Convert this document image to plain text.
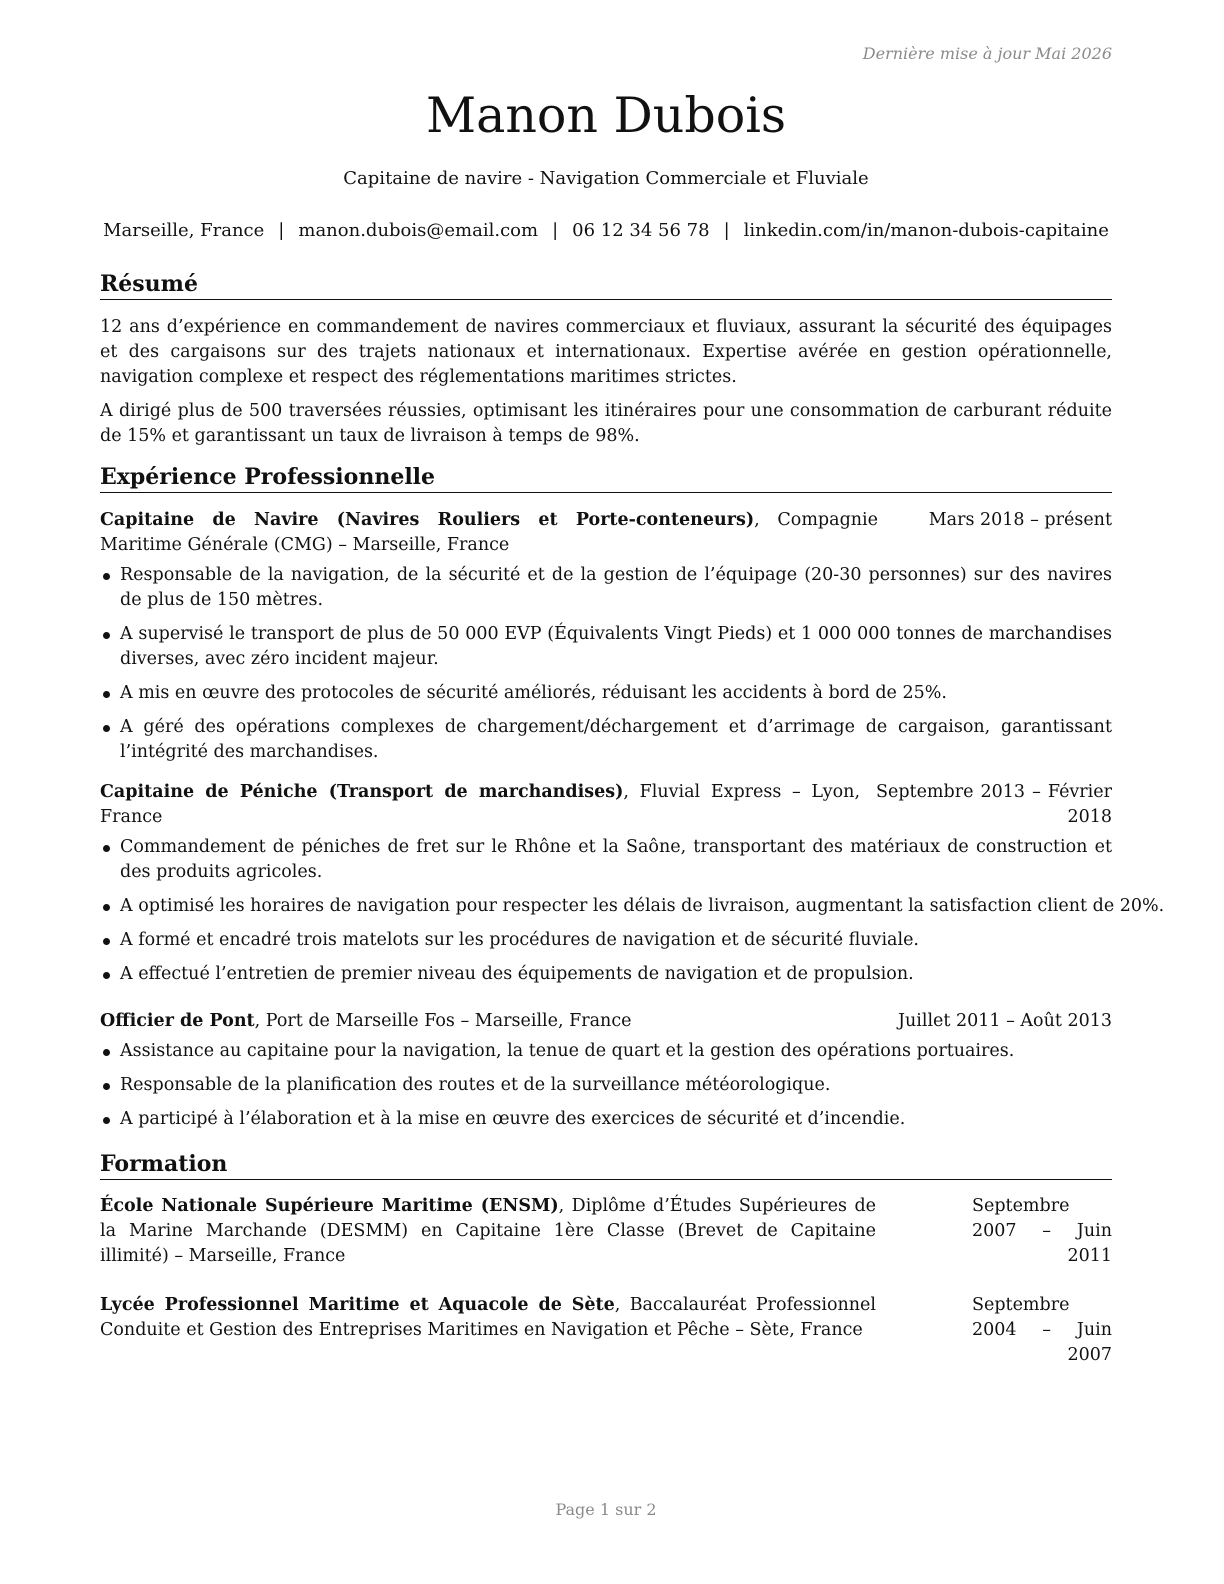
Dernière mise à jour Mai 2026
Manon Dubois
Capitaine de navire - Navigation Commerciale et Fluviale
Marseille, France | manon.dubois@email.com | 06 12 34 56 78 | linkedin.com/in/manon-dubois-capitaine
Résumé

12 ans d’expérience en commandement de navires commerciaux et fluviaux, assurant la sécurité des équipages et des cargaisons sur des trajets nationaux et internationaux. Expertise avérée en gestion opérationnelle, navigation complexe et respect des réglementations maritimes strictes.

A dirigé plus de 500 traversées réussies, optimisant les itinéraires pour une consommation de carburant réduite de 15% et garantissant un taux de livraison à temps de 98%.

Expérience Professionnelle
Capitaine de Navire (Navires Rouliers et Porte-conteneurs), Compagnie Maritime Générale (CMG) – Marseille, France
Mars 2018 – présent
Responsable de la navigation, de la sécurité et de la gestion de l’équipage (20-30 personnes) sur des navires de plus de 150 mètres.
A supervisé le transport de plus de 50 000 EVP (Équivalents Vingt Pieds) et 1 000 000 tonnes de marchandises diverses, avec zéro incident majeur.
A mis en œuvre des protocoles de sécurité améliorés, réduisant les accidents à bord de 25%.
A géré des opérations complexes de chargement/déchargement et d’arrimage de cargaison, garantissant l’intégrité des marchandises.
Capitaine de Péniche (Transport de marchandises), Fluvial Express – Lyon, France
Septembre 2013 – Février 2018
Commandement de péniches de fret sur le Rhône et la Saône, transportant des matériaux de construction et des produits agricoles.
A optimisé les horaires de navigation pour respecter les délais de livraison, augmentant la satisfaction client de 20%.
A formé et encadré trois matelots sur les procédures de navigation et de sécurité fluviale.
A effectué l’entretien de premier niveau des équipements de navigation et de propulsion.
Officier de Pont, Port de Marseille Fos – Marseille, France	Juillet 2011 – Août 2013
Assistance au capitaine pour la navigation, la tenue de quart et la gestion des opérations portuaires.
Responsable de la planification des routes et de la surveillance météorologique.
A participé à l’élaboration et à la mise en œuvre des exercices de sécurité et d’incendie.
Formation
École Nationale Supérieure Maritime (ENSM), Diplôme d’Études Supérieures de la Marine Marchande (DESMM) en Capitaine 1ère Classe (Brevet de Capitaine illimité) – Marseille, France
Septembre 2007 – Juin 2011
Lycée Professionnel Maritime et Aquacole de Sète, Baccalauréat Professionnel Conduite et Gestion des Entreprises Maritimes en Navigation et Pêche – Sète, France
Septembre 2004 – Juin 2007
Page 1 sur 2
